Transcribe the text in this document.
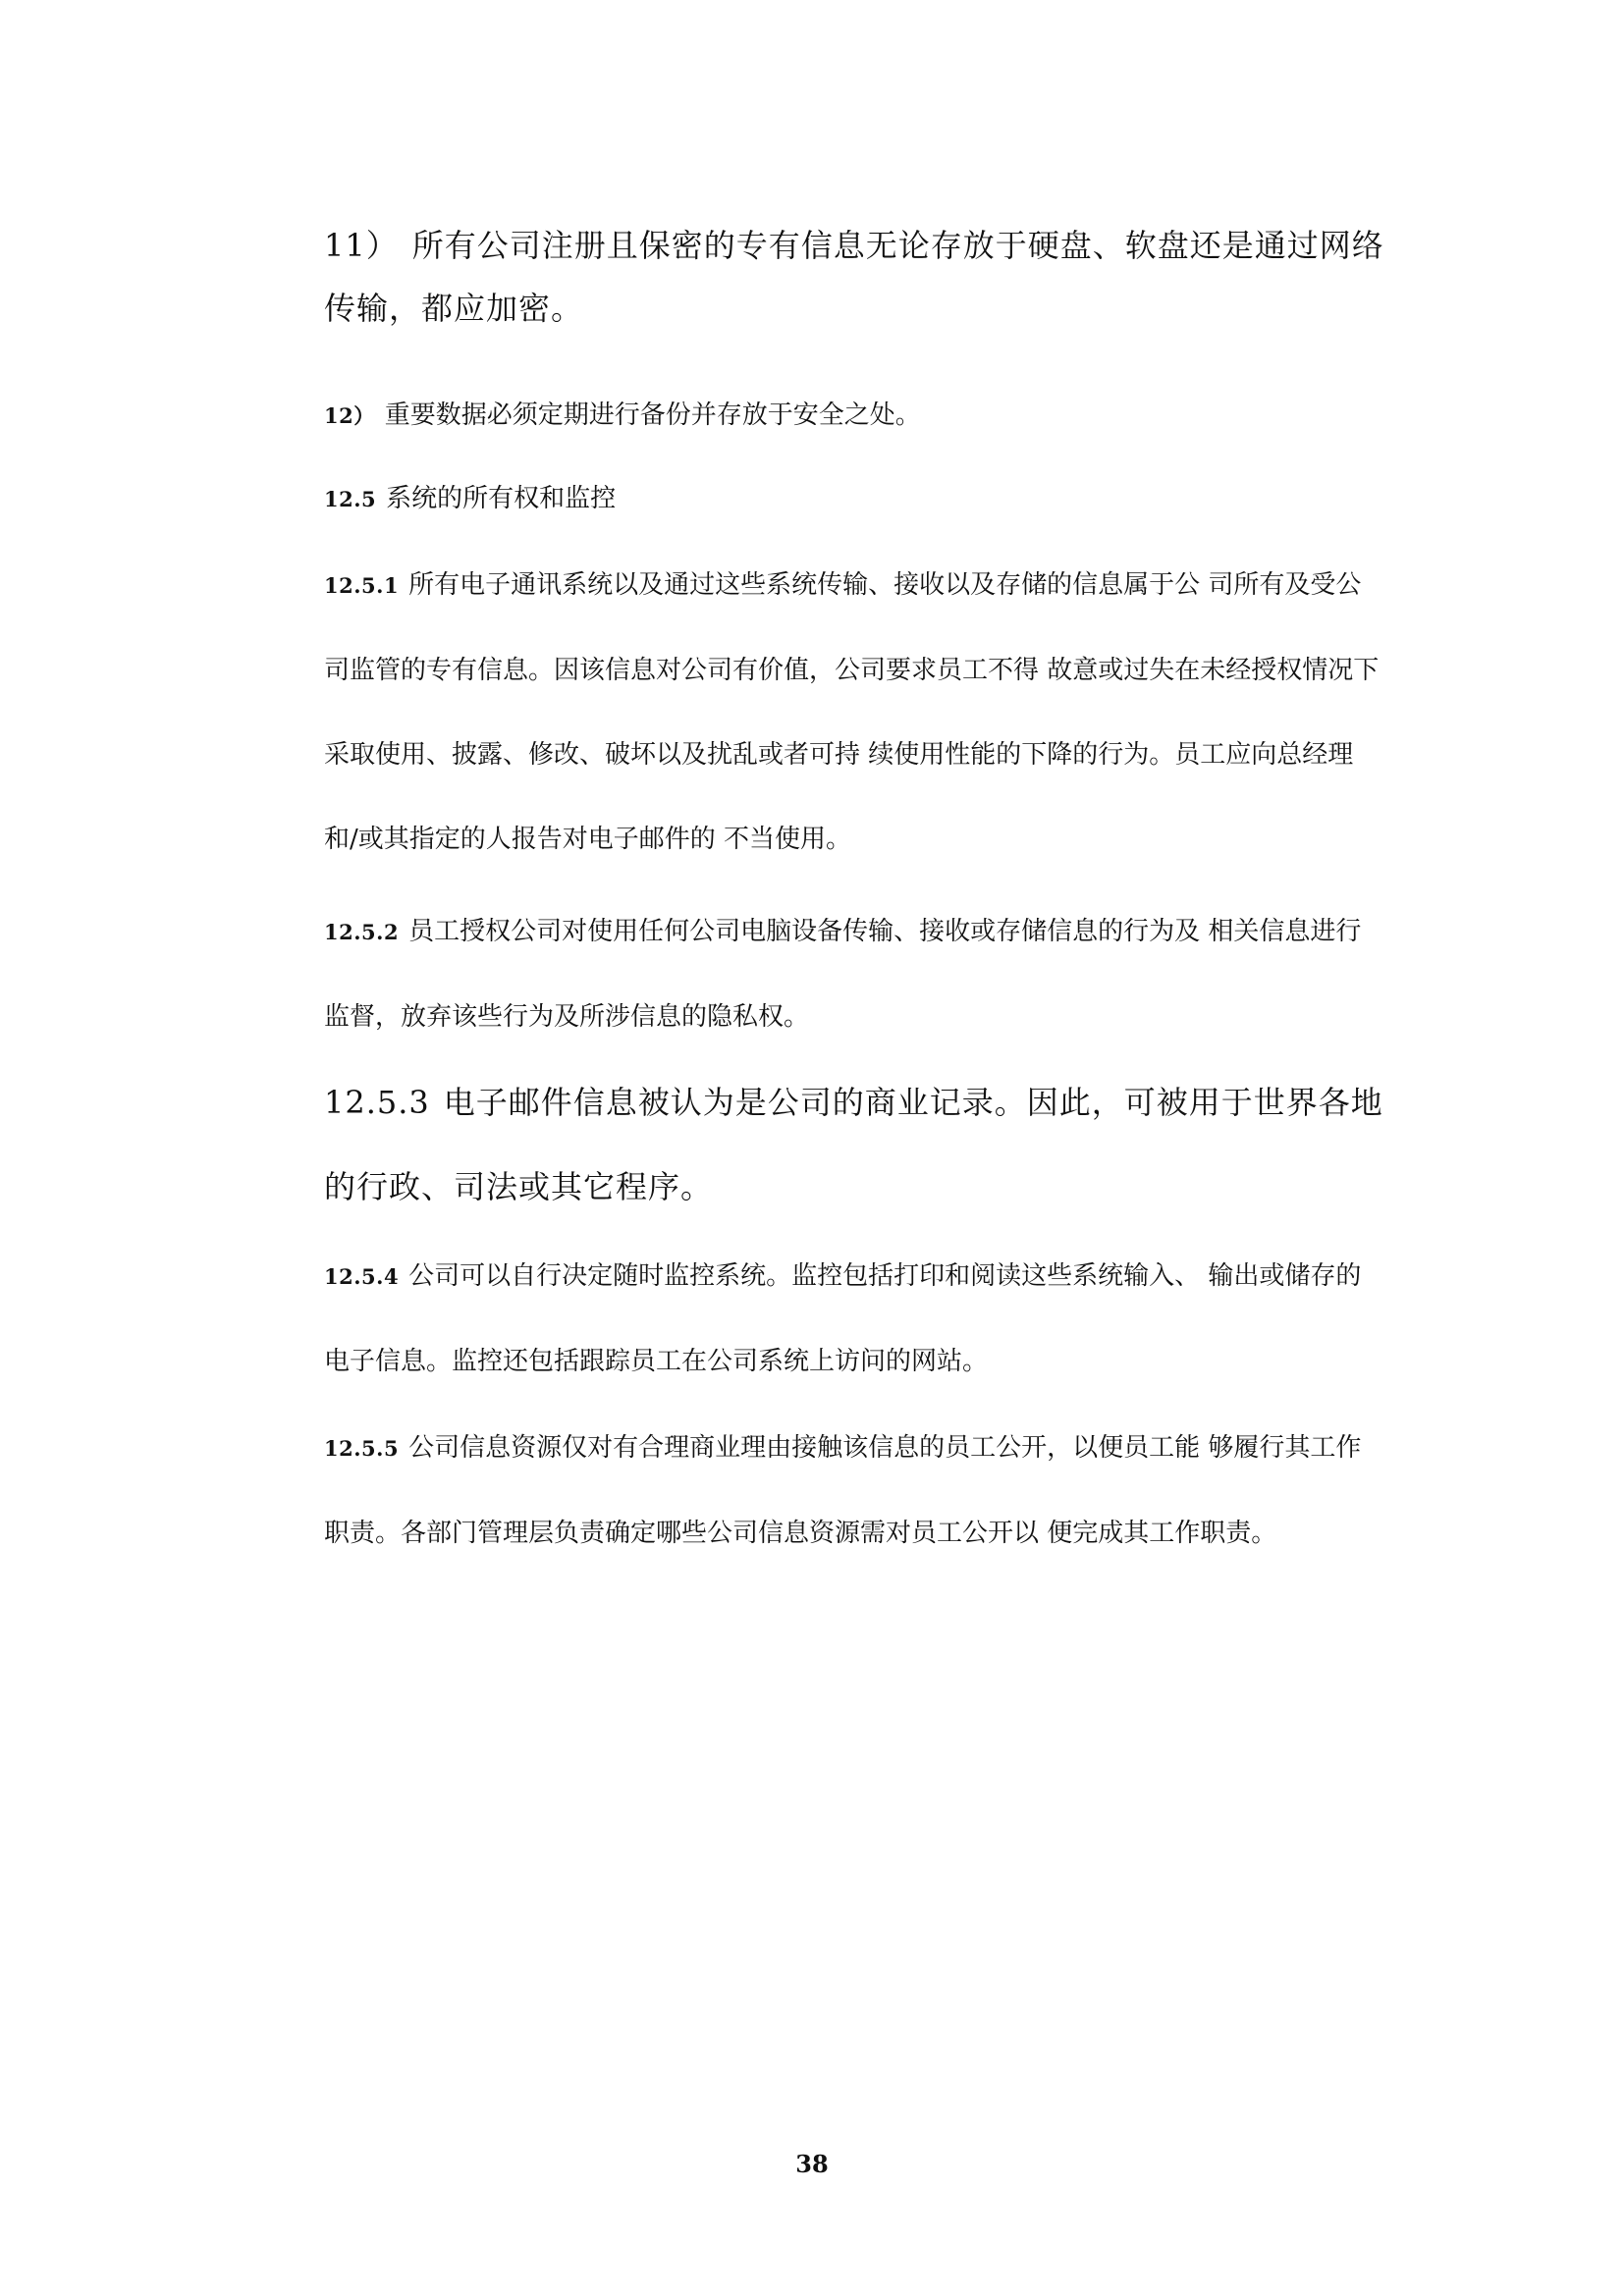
11） 所有公司注册且保密的专有信息无论存放于硬盘、软盘还是通过网络传输，都应加密。

12） 重要数据必须定期进行备份并存放于安全之处。

12.5 系统的所有权和监控

12.5.1 所有电子通讯系统以及通过这些系统传输、接收以及存储的信息属于公 司所有及受公司监管的专有信息。因该信息对公司有价值，公司要求员工不得 故意或过失在未经授权情况下采取使用、披露、修改、破坏以及扰乱或者可持 续使用性能的下降的行为。员工应向总经理和/或其指定的人报告对电子邮件的 不当使用。

12.5.2 员工授权公司对使用任何公司电脑设备传输、接收或存储信息的行为及 相关信息进行监督，放弃该些行为及所涉信息的隐私权。

12.5.3 电子邮件信息被认为是公司的商业记录。因此，可被用于世界各地的行政、司法或其它程序。

12.5.4 公司可以自行决定随时监控系统。监控包括打印和阅读这些系统输入、 输出或储存的电子信息。监控还包括跟踪员工在公司系统上访问的网站。

12.5.5 公司信息资源仅对有合理商业理由接触该信息的员工公开，以便员工能 够履行其工作职责。各部门管理层负责确定哪些公司信息资源需对员工公开以 便完成其工作职责。

38
